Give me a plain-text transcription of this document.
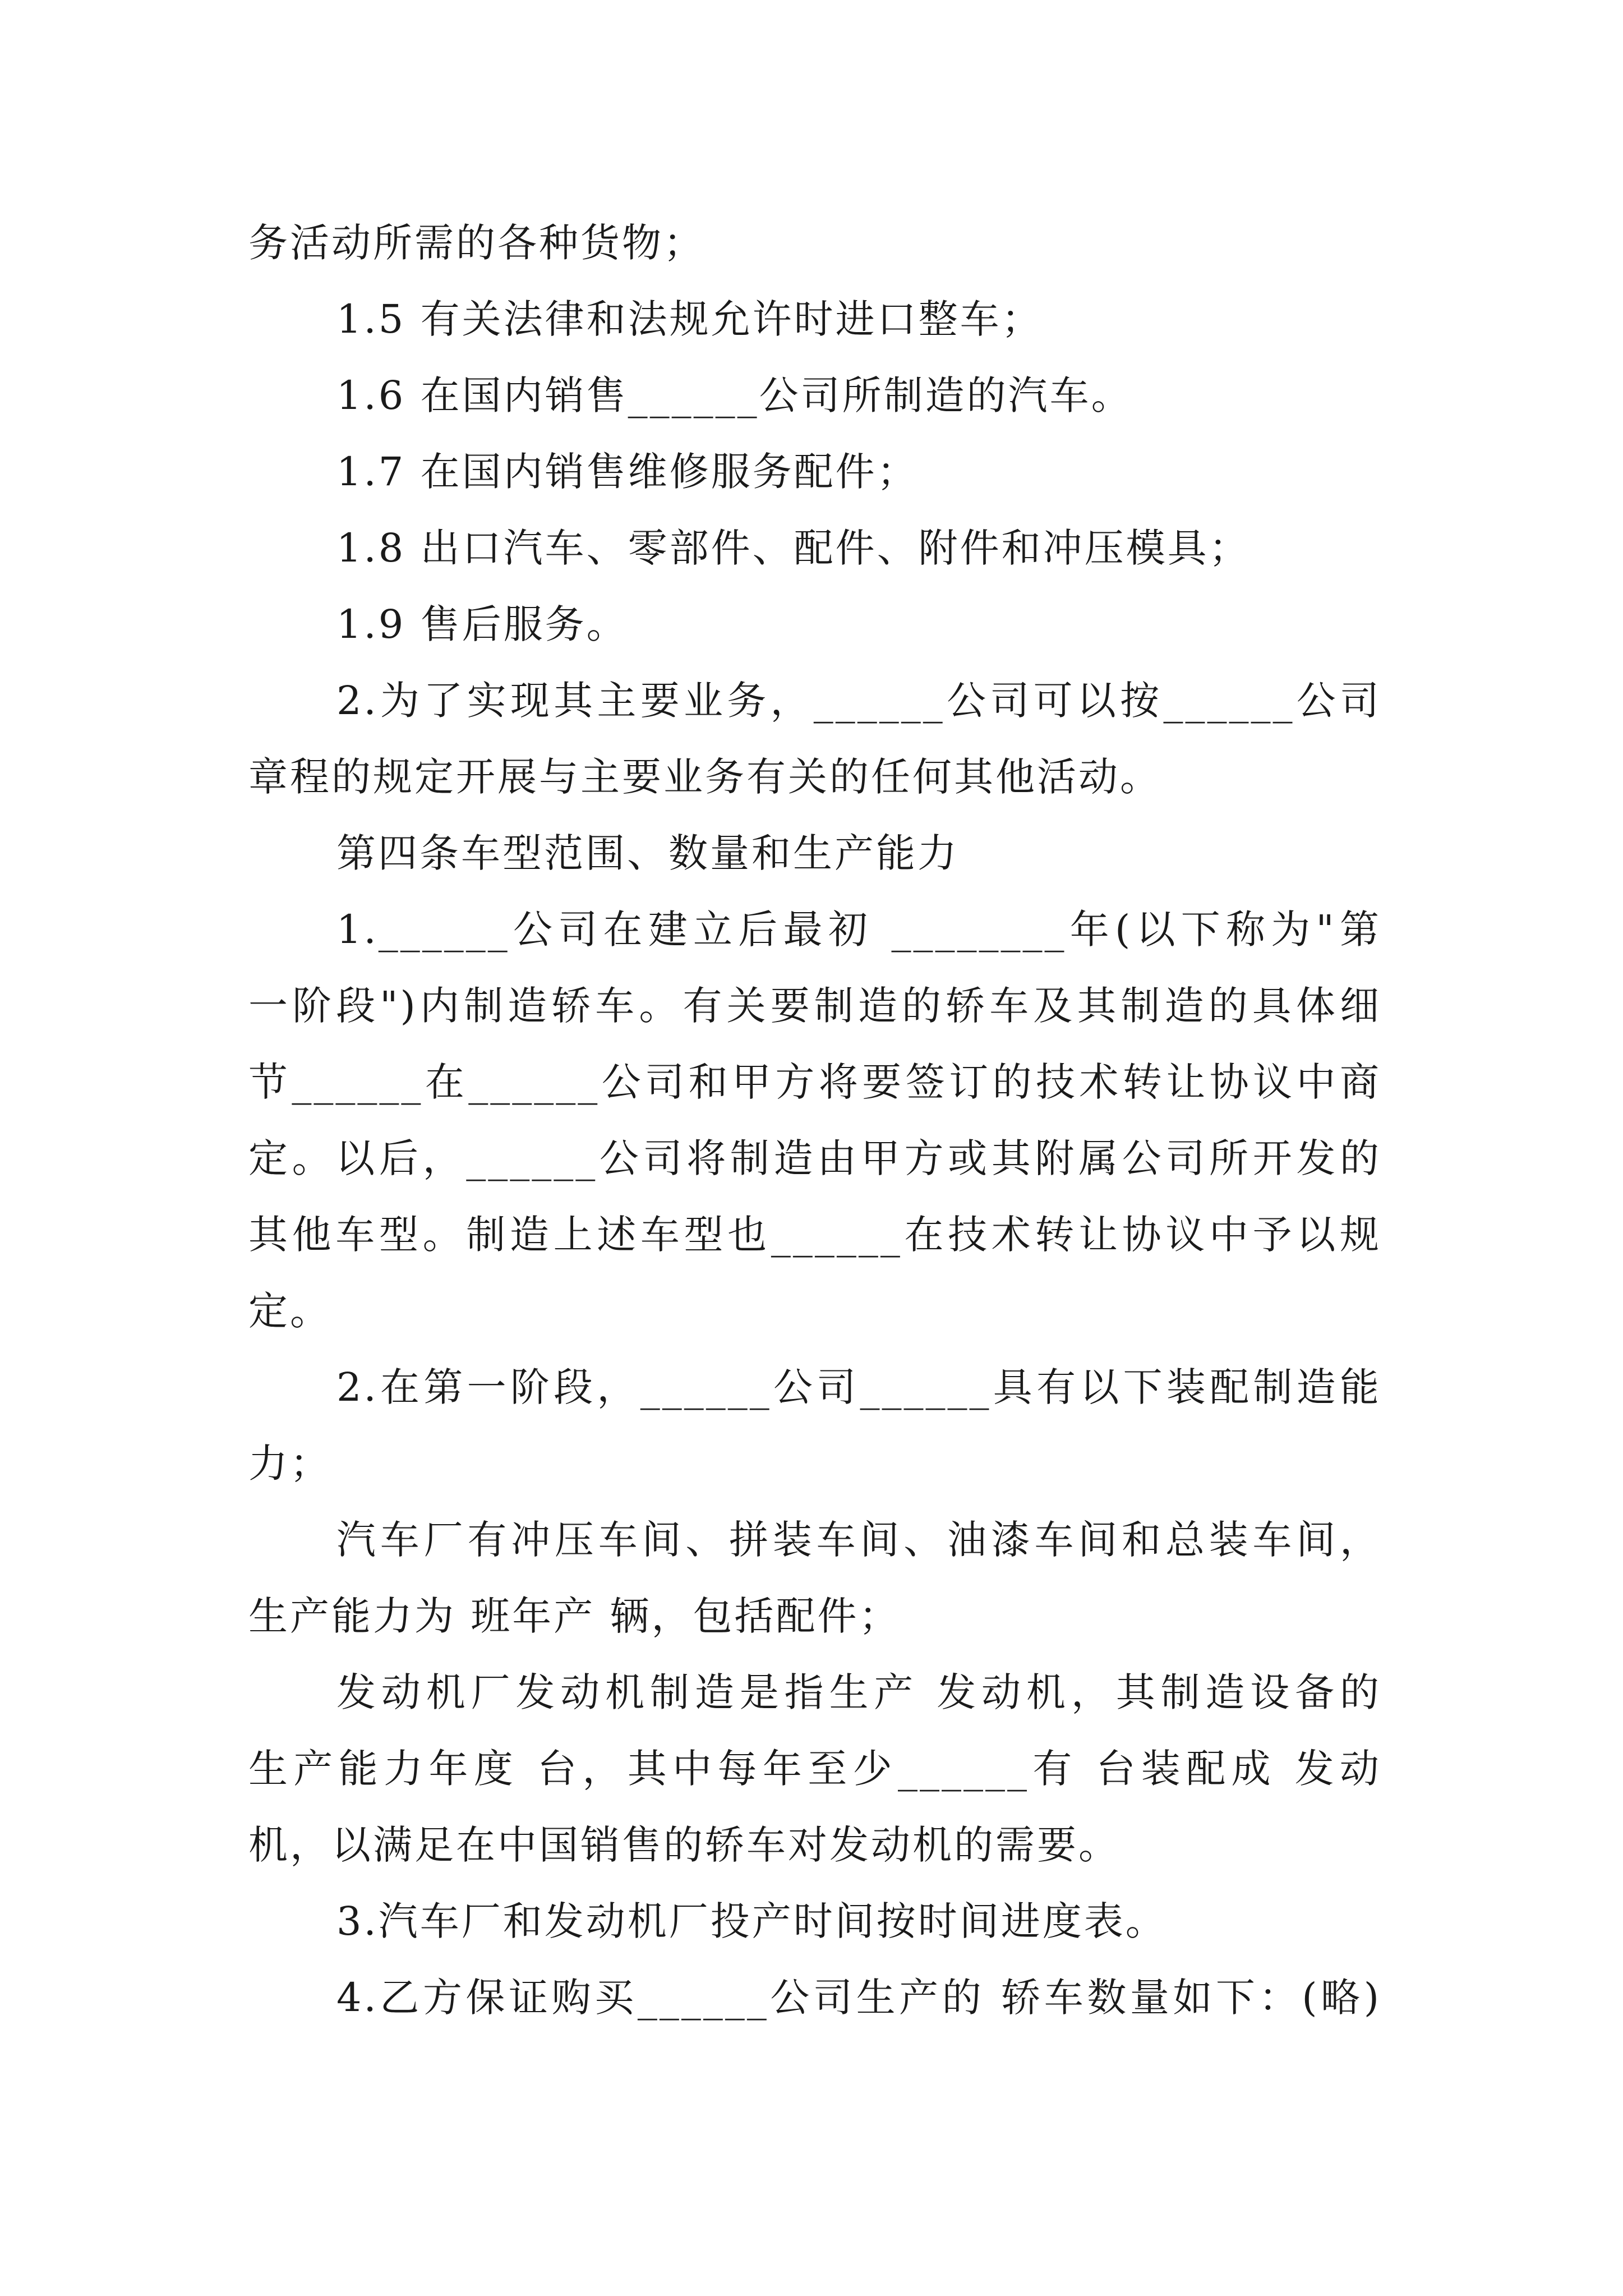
务活动所需的各种货物；
1.5 有关法律和法规允许时进口整车；
1.6 在国内销售______公司所制造的汽车。
1.7 在国内销售维修服务配件；
1.8 出口汽车、零部件、配件、附件和冲压模具；
1.9 售后服务。
2.为了实现其主要业务，______公司可以按______公司
章程的规定开展与主要业务有关的任何其他活动。
第四条车型范围、数量和生产能力
1.______公司在建立后最初 ________年(以下称为"第
一阶段")内制造轿车。有关要制造的轿车及其制造的具体细
节______在______公司和甲方将要签订的技术转让协议中商
定。以后，______公司将制造由甲方或其附属公司所开发的
其他车型。制造上述车型也______在技术转让协议中予以规
定。
2.在第一阶段，______公司______具有以下装配制造能
力；
汽车厂有冲压车间、拼装车间、油漆车间和总装车间，
生产能力为 班年产 辆，包括配件；
发动机厂发动机制造是指生产 发动机，其制造设备的
生产能力年度 台，其中每年至少______有 台装配成 发动
机，以满足在中国销售的轿车对发动机的需要。
3.汽车厂和发动机厂投产时间按时间进度表。
4.乙方保证购买______公司生产的 轿车数量如下：(略)
